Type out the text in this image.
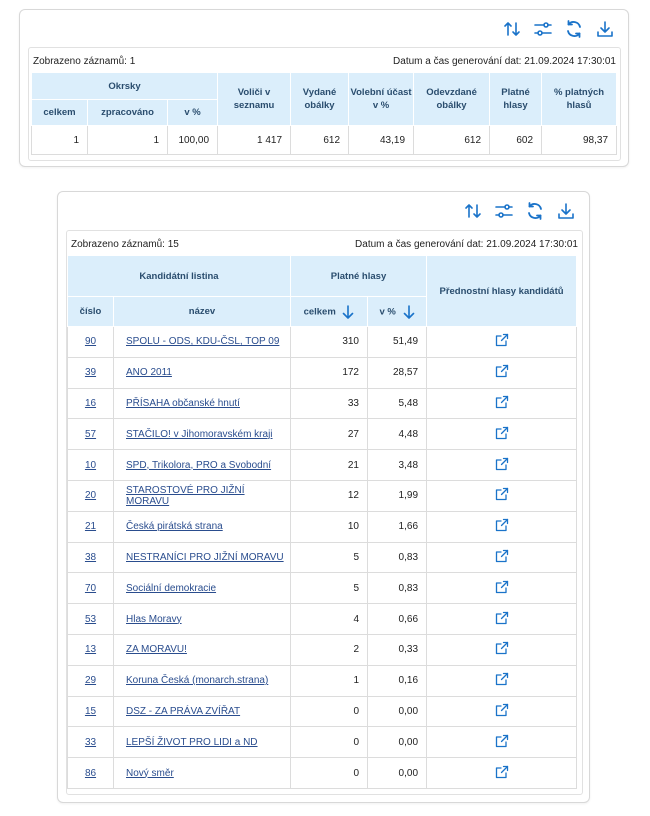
Zobrazeno záznamů: 1	Datum a čas generování dat: 21.09.2024 17:30:01
Okrsky			Voliči v seznamu	Vydané obálky	Volební účast v %	Odevzdané obálky	Platné hlasy	% platných hlasů
celkem	zpracováno	v %						
1	1	100,00	1 417	612	43,19	612	602	98,37
Zobrazeno záznamů: 15	Datum a čas generování dat: 21.09.2024 17:30:01
Kandidátní listina		Platné hlasy		Přednostní hlasy kandidátů
číslo	název	celkem	v %	
90	SPOLU - ODS, KDU-ČSL, TOP 09	310	51,49	
39	ANO 2011	172	28,57	
16	PŘÍSAHA občanské hnutí	33	5,48	
57	STAČILO! v Jihomoravském kraji	27	4,48	
10	SPD, Trikolora, PRO a Svobodní	21	3,48	
20	STAROSTOVÉ PRO JIŽNÍ MORAVU	12	1,99	
21	Česká pirátská strana	10	1,66	
38	NESTRANÍCI PRO JIŽNÍ MORAVU	5	0,83	
70	Sociální demokracie	5	0,83	
53	Hlas Moravy	4	0,66	
13	ZA MORAVU!	2	0,33	
29	Koruna Česká (monarch.strana)	1	0,16	
15	DSZ - ZA PRÁVA ZVÍŘAT	0	0,00	
33	LEPŠÍ ŽIVOT PRO LIDI a ND	0	0,00	
86	Nový směr	0	0,00	
